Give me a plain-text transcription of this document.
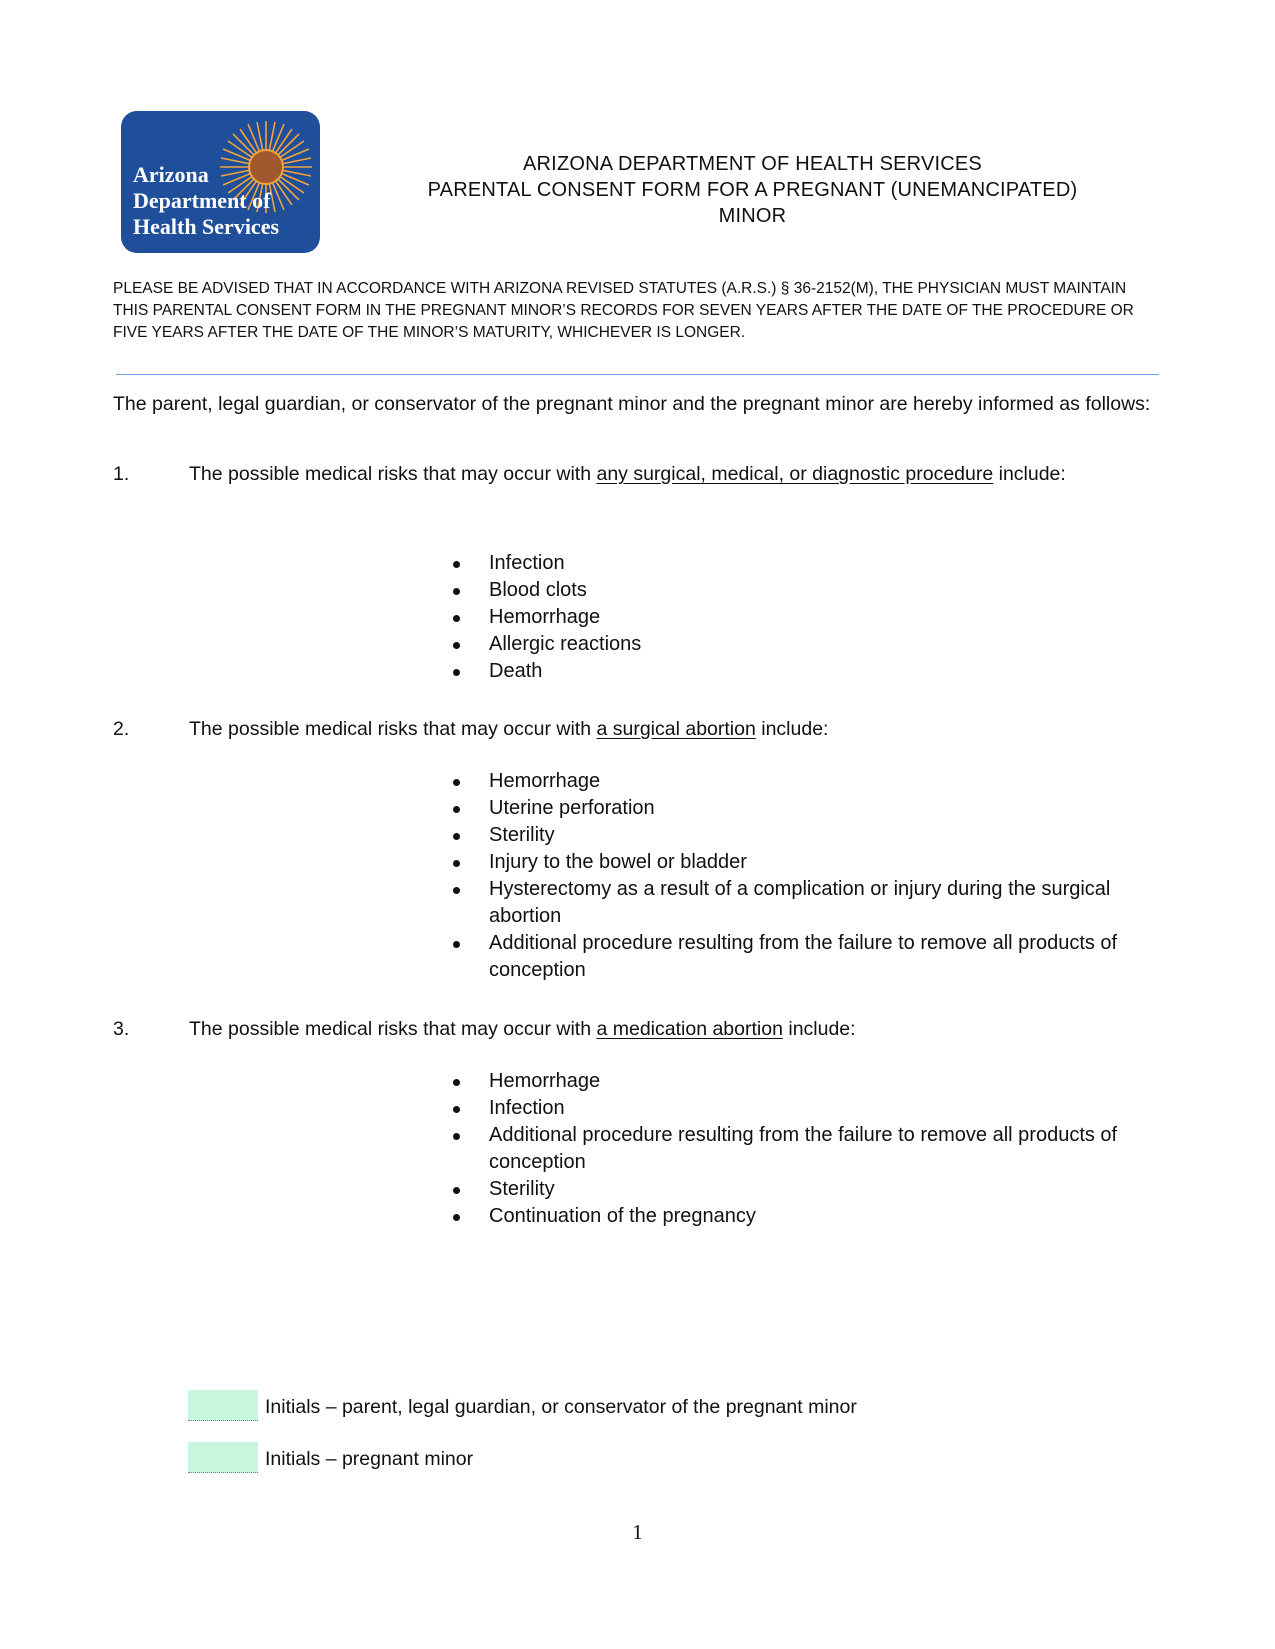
Arizona
Department of
Health Services
ARIZONA DEPARTMENT OF HEALTH SERVICES
PARENTAL CONSENT FORM FOR A PREGNANT (UNEMANCIPATED)
MINOR
PLEASE BE ADVISED THAT IN ACCORDANCE WITH ARIZONA REVISED STATUTES (A.R.S.) § 36-2152(M), THE PHYSICIAN MUST MAINTAIN THIS PARENTAL CONSENT FORM IN THE PREGNANT MINOR’S RECORDS FOR SEVEN YEARS AFTER THE DATE OF THE PROCEDURE OR FIVE YEARS AFTER THE DATE OF THE MINOR’S MATURITY, WHICHEVER IS LONGER.
The parent, legal guardian, or conservator of the pregnant minor and the pregnant minor are hereby informed as follows:
1.	The possible medical risks that may occur with any surgical, medical, or diagnostic procedure include:
Infection
Blood clots
Hemorrhage
Allergic reactions
Death
2.	The possible medical risks that may occur with a surgical abortion include:
Hemorrhage
Uterine perforation
Sterility
Injury to the bowel or bladder
Hysterectomy as a result of a complication or injury during the surgical abortion
Additional procedure resulting from the failure to remove all products of conception
3.	The possible medical risks that may occur with a medication abortion include:
Hemorrhage
Infection
Additional procedure resulting from the failure to remove all products of conception
Sterility
Continuation of the pregnancy
Initials – parent, legal guardian, or conservator of the pregnant minor
Initials – pregnant minor
1
